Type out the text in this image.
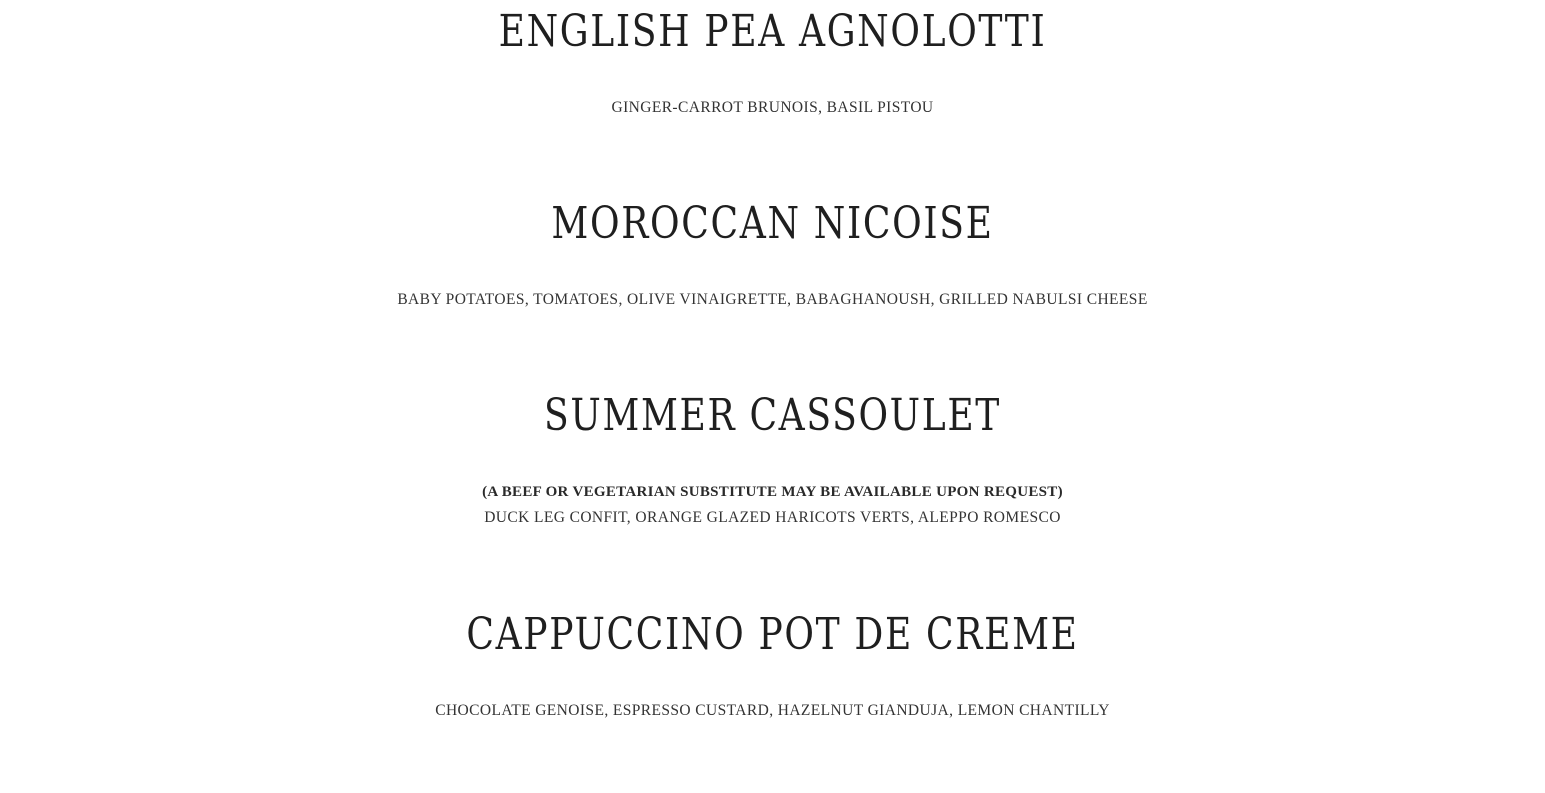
ENGLISH PEA AGNOLOTTI

GINGER-CARROT BRUNOIS, BASIL PISTOU

MOROCCAN NICOISE

BABY POTATOES, TOMATOES, OLIVE VINAIGRETTE, BABAGHANOUSH, GRILLED NABULSI CHEESE

SUMMER CASSOULET

(A BEEF OR VEGETARIAN SUBSTITUTE MAY BE AVAILABLE UPON REQUEST)

DUCK LEG CONFIT, ORANGE GLAZED HARICOTS VERTS, ALEPPO ROMESCO

CAPPUCCINO POT DE CREME

CHOCOLATE GENOISE, ESPRESSO CUSTARD, HAZELNUT GIANDUJA, LEMON CHANTILLY
